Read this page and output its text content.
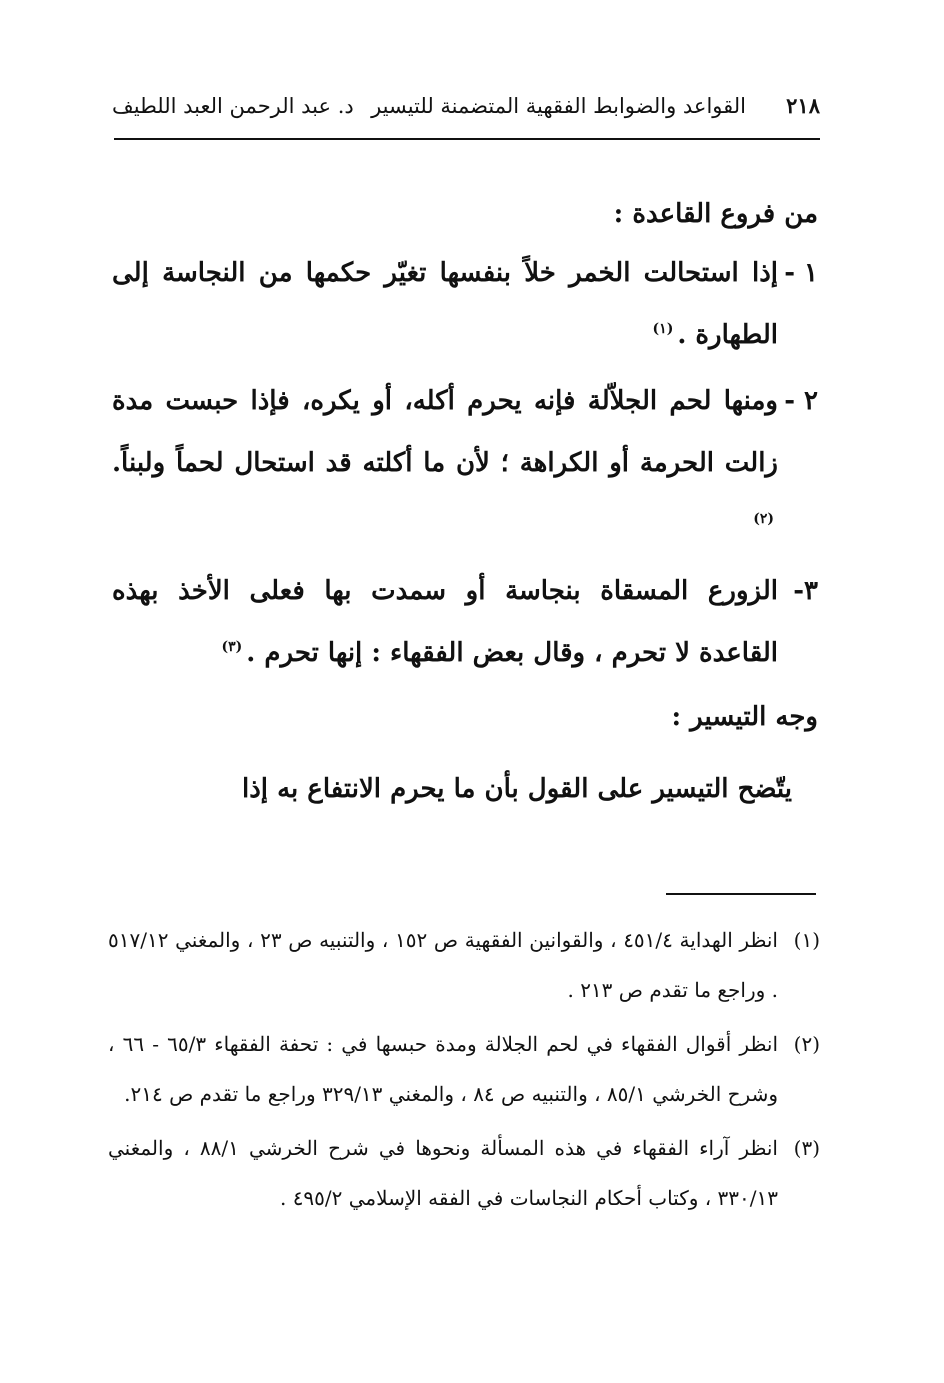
٢١٨
القواعد والضوابط الفقهية المتضمنة للتيسير
د. عبد الرحمن العبد اللطيف
من فروع القاعدة :
١ -
إذا استحالت الخمر خلاً بنفسها تغيّر حكمها من النجاسة إلى الطهارة .$^{(١)}$
٢ -
ومنها لحم الجلاّلة فإنه يحرم أكله، أو يكره، فإذا حبست مدة زالت الحرمة أو الكراهة ؛ لأن ما أكلته قد استحال لحماً ولبناً.$^{(٢)}$
٣-
الزورع المسقاة بنجاسة أو سمدت بها فعلى الأخذ بهذه القاعدة لا تحرم ، وقال بعض الفقهاء : إنها تحرم .$^{(٣)}$
وجه التيسير :
يتّضح التيسير على القول بأن ما يحرم الانتفاع به إذا
(١)
انظر الهداية ٤٥١/٤ ، والقوانين الفقهية ص ١٥٢ ، والتنبيه ص ٢٣ ، والمغني ٥١٧/١٢ . وراجع ما تقدم ص ٢١٣ .
(٢)
انظر أقوال الفقهاء في لحم الجلالة ومدة حبسها في : تحفة الفقهاء ٦٥/٣ - ٦٦ ، وشرح الخرشي ٨٥/١ ، والتنبيه ص ٨٤ ، والمغني ٣٢٩/١٣ وراجع ما تقدم ص ٢١٤.
(٣)
انظر آراء الفقهاء في هذه المسألة ونحوها في شرح الخرشي ٨٨/١ ، والمغني ٣٣٠/١٣ ، وكتاب أحكام النجاسات في الفقه الإسلامي ٤٩٥/٢ .
